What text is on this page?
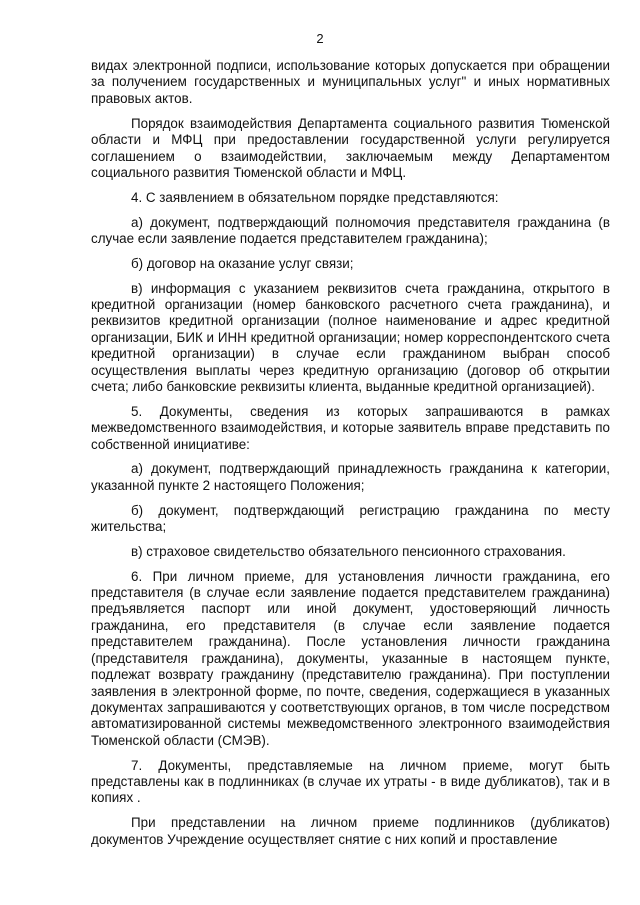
2

видах электронной подписи, использование которых допускается при обращении за получением государственных и муниципальных услуг" и иных нормативных правовых актов.

Порядок взаимодействия Департамента социального развития Тюменской области и МФЦ при предоставлении государственной услуги регулируется соглашением о взаимодействии, заключаемым между Департаментом социального развития Тюменской области и МФЦ.

4. С заявлением в обязательном порядке представляются:

а) документ, подтверждающий полномочия представителя гражданина (в случае если заявление подается представителем гражданина);

б) договор на оказание услуг связи;

в) информация с указанием реквизитов счета гражданина, открытого в кредитной организации (номер банковского расчетного счета гражданина), и реквизитов кредитной организации (полное наименование и адрес кредитной организации, БИК и ИНН кредитной организации; номер корреспондентского счета кредитной организации) в случае если гражданином выбран способ осуществления выплаты через кредитную организацию (договор об открытии счета; либо банковские реквизиты клиента, выданные кредитной организацией).

5. Документы, сведения из которых запрашиваются в рамках межведомственного взаимодействия, и которые заявитель вправе представить по собственной инициативе:

а) документ, подтверждающий принадлежность гражданина к категории, указанной пункте 2 настоящего Положения;

б) документ, подтверждающий регистрацию гражданина по месту жительства;

в) страховое свидетельство обязательного пенсионного страхования.

6. При личном приеме, для установления личности гражданина, его представителя (в случае если заявление подается представителем гражданина) предъявляется паспорт или иной документ, удостоверяющий личность гражданина, его представителя (в случае если заявление подается представителем гражданина). После установления личности гражданина (представителя гражданина), документы, указанные в настоящем пункте, подлежат возврату гражданину (представителю гражданина). При поступлении заявления в электронной форме, по почте, сведения, содержащиеся в указанных документах запрашиваются у соответствующих органов, в том числе посредством автоматизированной системы межведомственного электронного взаимодействия Тюменской области (СМЭВ).

7. Документы, представляемые на личном приеме, могут быть представлены как в подлинниках (в случае их утраты - в виде дубликатов), так и в копиях .

При представлении на личном приеме подлинников (дубликатов) документов Учреждение осуществляет снятие с них копий и проставление
